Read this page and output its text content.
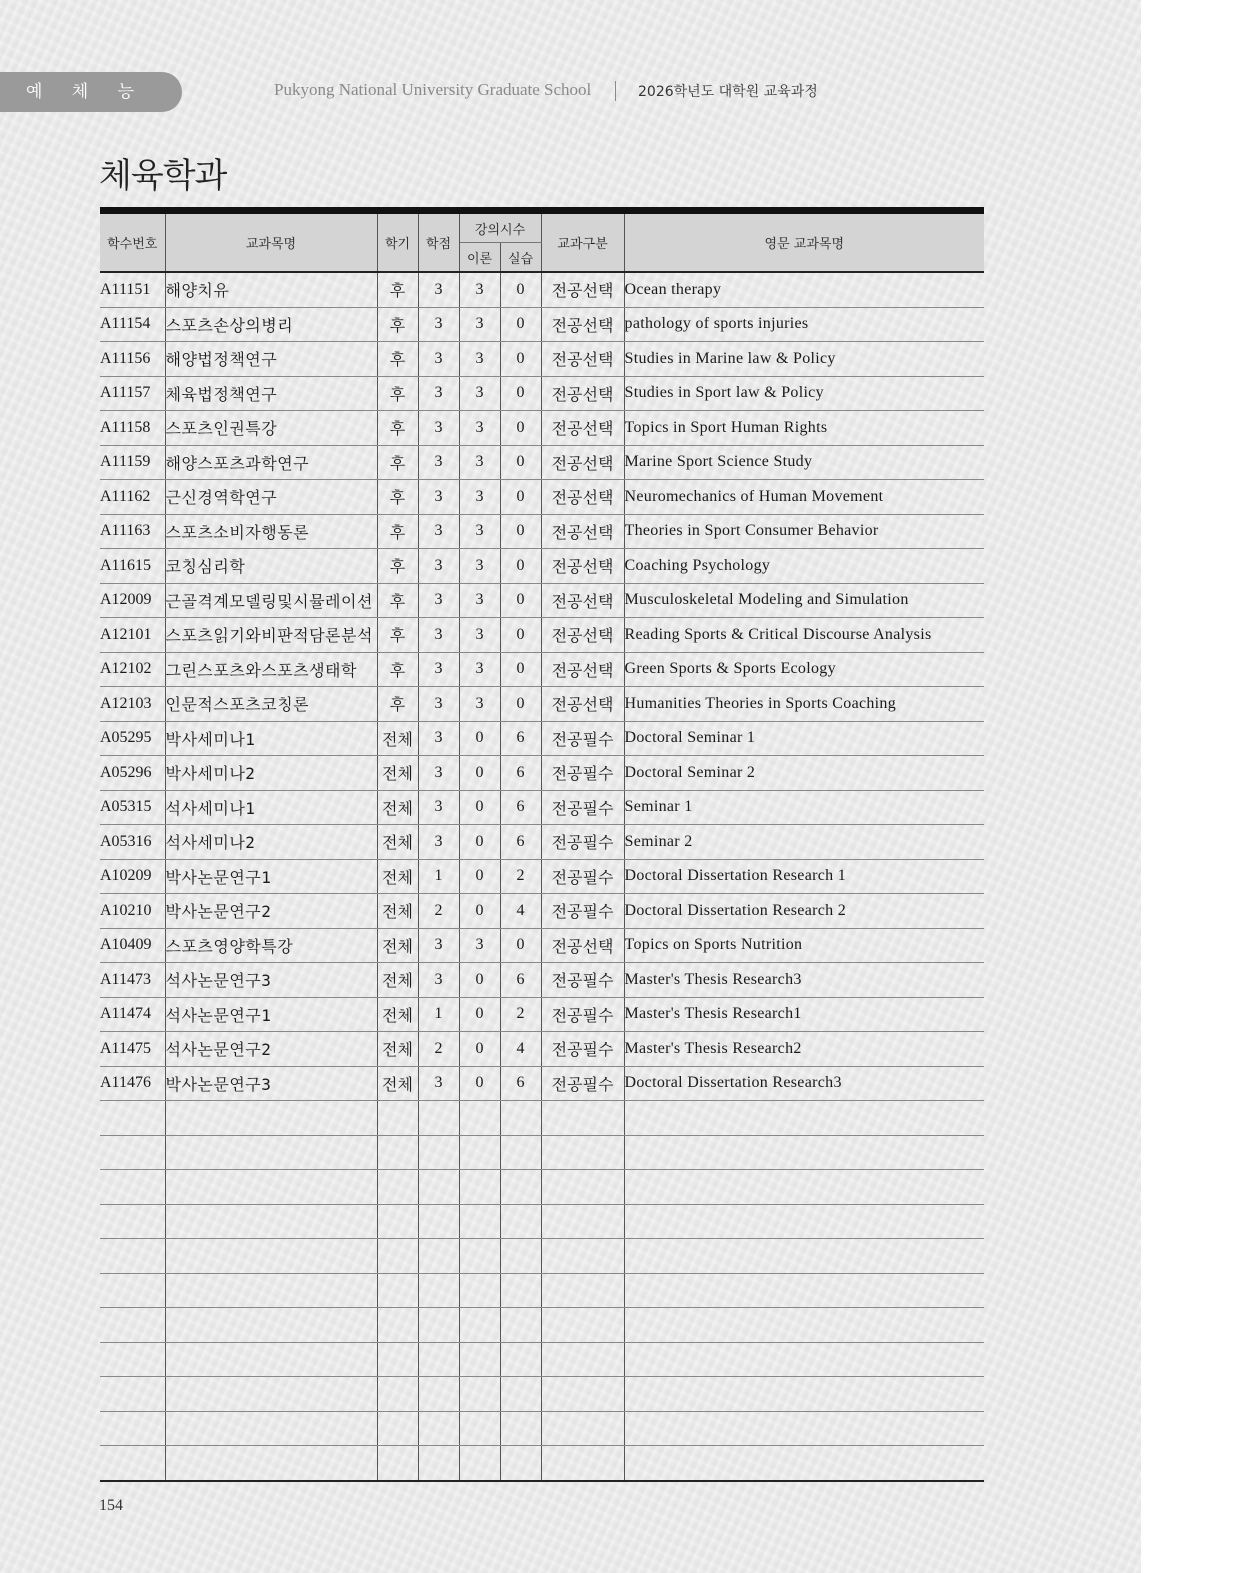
예 체 능	Pukyong National University Graduate School	2026학년도 대학원 교육과정
체육학과
학수번호	교과목명	학기	학점	강의시수		교과구분	영문 교과목명
				이론	실습		
A11151	해양치유	후	3	3	0	전공선택	Ocean therapy
A11154	스포츠손상의병리	후	3	3	0	전공선택	pathology of sports injuries
A11156	해양법정책연구	후	3	3	0	전공선택	Studies in Marine law & Policy
A11157	체육법정책연구	후	3	3	0	전공선택	Studies in Sport law & Policy
A11158	스포츠인권특강	후	3	3	0	전공선택	Topics in Sport Human Rights
A11159	해양스포츠과학연구	후	3	3	0	전공선택	Marine Sport Science Study
A11162	근신경역학연구	후	3	3	0	전공선택	Neuromechanics of Human Movement
A11163	스포츠소비자행동론	후	3	3	0	전공선택	Theories in Sport Consumer Behavior
A11615	코칭심리학	후	3	3	0	전공선택	Coaching Psychology
A12009	근골격계모델링및시뮬레이션	후	3	3	0	전공선택	Musculoskeletal Modeling and Simulation
A12101	스포츠읽기와비판적담론분석	후	3	3	0	전공선택	Reading Sports & Critical Discourse Analysis
A12102	그린스포츠와스포츠생태학	후	3	3	0	전공선택	Green Sports & Sports Ecology
A12103	인문적스포츠코칭론	후	3	3	0	전공선택	Humanities Theories in Sports Coaching
A05295	박사세미나1	전체	3	0	6	전공필수	Doctoral Seminar 1
A05296	박사세미나2	전체	3	0	6	전공필수	Doctoral Seminar 2
A05315	석사세미나1	전체	3	0	6	전공필수	Seminar 1
A05316	석사세미나2	전체	3	0	6	전공필수	Seminar 2
A10209	박사논문연구1	전체	1	0	2	전공필수	Doctoral Dissertation Research 1
A10210	박사논문연구2	전체	2	0	4	전공필수	Doctoral Dissertation Research 2
A10409	스포츠영양학특강	전체	3	3	0	전공선택	Topics on Sports Nutrition
A11473	석사논문연구3	전체	3	0	6	전공필수	Master's Thesis Research3
A11474	석사논문연구1	전체	1	0	2	전공필수	Master's Thesis Research1
A11475	석사논문연구2	전체	2	0	4	전공필수	Master's Thesis Research2
A11476	박사논문연구3	전체	3	0	6	전공필수	Doctoral Dissertation Research3

154
